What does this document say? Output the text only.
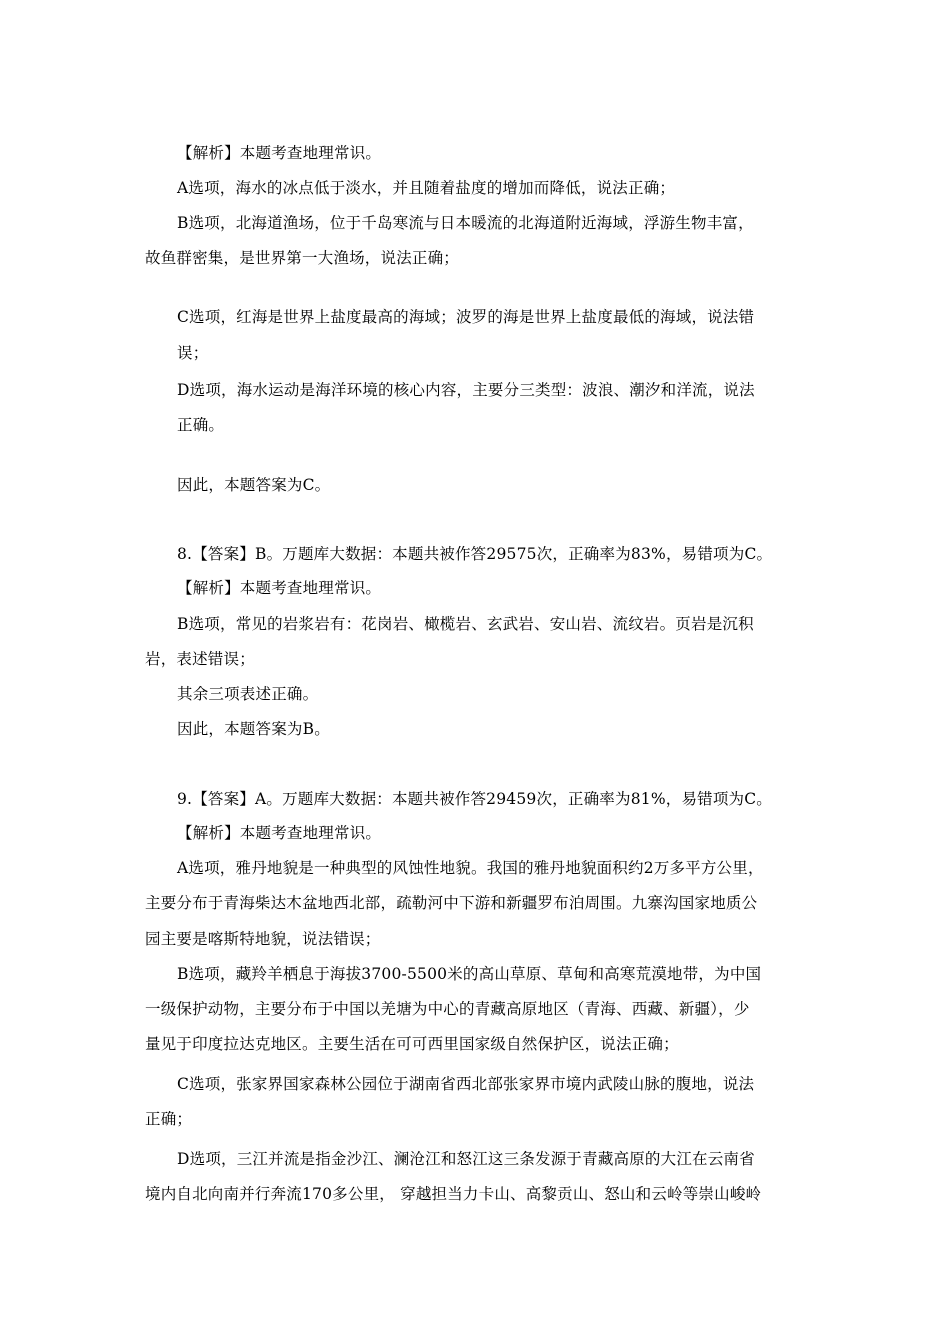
【解析】本题考查地理常识。
A选项，海水的冰点低于淡水，并且随着盐度的增加而降低，说法正确；
B选项，北海道渔场，位于千岛寒流与日本暖流的北海道附近海域，浮游生物丰富，
故鱼群密集，是世界第一大渔场，说法正确；
C选项，红海是世界上盐度最高的海域；波罗的海是世界上盐度最低的海域，说法错
误；
D选项，海水运动是海洋环境的核心内容，主要分三类型：波浪、潮汐和洋流，说法
正确。
因此，本题答案为C。
8.【答案】B。万题库大数据：本题共被作答29575次，正确率为83%，易错项为C。
【解析】本题考查地理常识。
B选项，常见的岩浆岩有：花岗岩、橄榄岩、玄武岩、安山岩、流纹岩。页岩是沉积
岩，表述错误；
其余三项表述正确。
因此，本题答案为B。
9.【答案】A。万题库大数据：本题共被作答29459次，正确率为81%，易错项为C。
【解析】本题考查地理常识。
A选项，雅丹地貌是一种典型的风蚀性地貌。我国的雅丹地貌面积约2万多平方公里，
主要分布于青海柴达木盆地西北部，疏勒河中下游和新疆罗布泊周围。九寨沟国家地质公
园主要是喀斯特地貌，说法错误；
B选项，藏羚羊栖息于海拔3700-5500米的高山草原、草甸和高寒荒漠地带，为中国
一级保护动物，主要分布于中国以羌塘为中心的青藏高原地区（青海、西藏、新疆），少
量见于印度拉达克地区。主要生活在可可西里国家级自然保护区，说法正确；
C选项，张家界国家森林公园位于湖南省西北部张家界市境内武陵山脉的腹地，说法
正确；
D选项，三江并流是指金沙江、澜沧江和怒江这三条发源于青藏高原的大江在云南省
境内自北向南并行奔流170多公里， 穿越担当力卡山、高黎贡山、怒山和云岭等崇山峻岭
